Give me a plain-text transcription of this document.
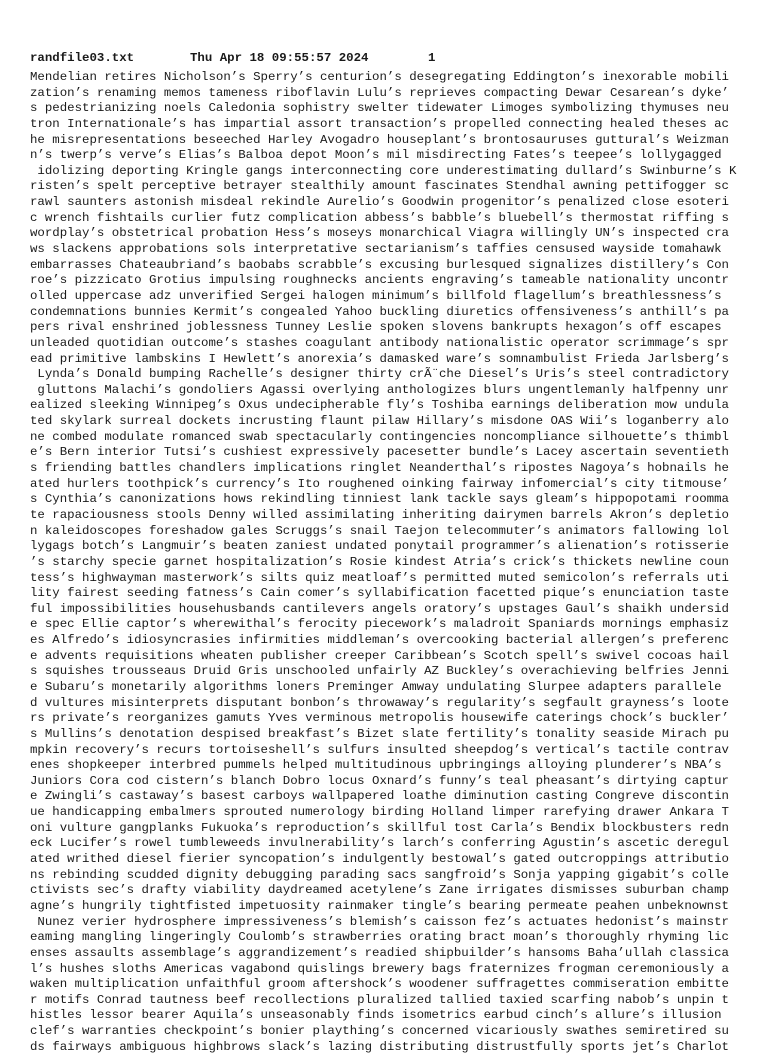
randfile03.txt

	Thu Apr 18 09:55:57 2024

	1

Mendelian retires Nicholson’s Sperry’s centurion’s desegregating Eddington’s inexorable mobili
zation’s renaming memos tameness riboflavin Lulu’s reprieves compacting Dewar Cesarean’s dyke’
s pedestrianizing noels Caledonia sophistry swelter tidewater Limoges symbolizing thymuses neu
tron Internationale’s has impartial assort transaction’s propelled connecting healed theses ac
he misrepresentations beseeched Harley Avogadro houseplant’s brontosauruses guttural’s Weizman
n’s twerp’s verve’s Elias’s Balboa depot Moon’s mil misdirecting Fates’s teepee’s lollygagged
idolizing deporting Kringle gangs interconnecting core underestimating dullard’s Swinburne’s K
risten’s spelt perceptive betrayer stealthily amount fascinates Stendhal awning pettifogger sc
rawl saunters astonish misdeal rekindle Aurelio’s Goodwin progenitor’s penalized close esoteri
c wrench fishtails curlier futz complication abbess’s babble’s bluebell’s thermostat riffing s
wordplay’s obstetrical probation Hess’s moseys monarchical Viagra willingly UN’s inspected cra
ws slackens approbations sols interpretative sectarianism’s taffies censused wayside tomahawk
embarrasses Chateaubriand’s baobabs scrabble’s excusing burlesqued signalizes distillery’s Con
roe’s pizzicato Grotius impulsing roughnecks ancients engraving’s tameable nationality uncontr
olled uppercase adz unverified Sergei halogen minimum’s billfold flagellum’s breathlessness’s
condemnations bunnies Kermit’s congealed Yahoo buckling diuretics offensiveness’s anthill’s pa
pers rival enshrined joblessness Tunney Leslie spoken slovens bankrupts hexagon’s off escapes
unleaded quotidian outcome’s stashes coagulant antibody nationalistic operator scrimmage’s spr
ead primitive lambskins I Hewlett’s anorexia’s damasked ware’s somnambulist Frieda Jarlsberg’s
Lynda’s Donald bumping Rachelle’s designer thirty crÃ¨che Diesel’s Uris’s steel contradictory
gluttons Malachi’s gondoliers Agassi overlying anthologizes blurs ungentlemanly halfpenny unr
ealized sleeking Winnipeg’s Oxus undecipherable fly’s Toshiba earnings deliberation mow undula
ted skylark surreal dockets incrusting flaunt pilaw Hillary’s misdone OAS Wii’s loganberry alo
ne combed modulate romanced swab spectacularly contingencies noncompliance silhouette’s thimbl
e’s Bern interior Tutsi’s cushiest expressively pacesetter bundle’s Lacey ascertain seventieth
s friending battles chandlers implications ringlet Neanderthal’s ripostes Nagoya’s hobnails he
ated hurlers toothpick’s currency’s Ito roughened oinking fairway infomercial’s city titmouse’
s Cynthia’s canonizations hows rekindling tinniest lank tackle says gleam’s hippopotami roomma
te rapaciousness stools Denny willed assimilating inheriting dairymen barrels Akron’s depletio
n kaleidoscopes foreshadow gales Scruggs’s snail Taejon telecommuter’s animators fallowing lol
lygags botch’s Langmuir’s beaten zaniest undated ponytail programmer’s alienation’s rotisserie
’s starchy specie garnet hospitalization’s Rosie kindest Atria’s crick’s thickets newline coun
tess’s highwayman masterwork’s silts quiz meatloaf’s permitted muted semicolon’s referrals uti
lity fairest seeding fatness’s Cain comer’s syllabification facetted pique’s enunciation taste
ful impossibilities househusbands cantilevers angels oratory’s upstages Gaul’s shaikh undersid
e spec Ellie captor’s wherewithal’s ferocity piecework’s maladroit Spaniards mornings emphasiz
es Alfredo’s idiosyncrasies infirmities middleman’s overcooking bacterial allergen’s preferenc
e advents requisitions wheaten publisher creeper Caribbean’s Scotch spell’s swivel cocoas hail
s squishes trousseaus Druid Gris unschooled unfairly AZ Buckley’s overachieving belfries Jenni
e Subaru’s monetarily algorithms loners Preminger Amway undulating Slurpee adapters parallele
d vultures misinterprets disputant bonbon’s throwaway’s regularity’s segfault grayness’s loote
rs private’s reorganizes gamuts Yves verminous metropolis housewife caterings chock’s buckler’
s Mullins’s denotation despised breakfast’s Bizet slate fertility’s tonality seaside Mirach pu
mpkin recovery’s recurs tortoiseshell’s sulfurs insulted sheepdog’s vertical’s tactile contrav
enes shopkeeper interbred pummels helped multitudinous upbringings alloying plunderer’s NBA’s
Juniors Cora cod cistern’s blanch Dobro locus Oxnard’s funny’s teal pheasant’s dirtying captur
e Zwingli’s castaway’s basest carboys wallpapered loathe diminution casting Congreve discontin
ue handicapping embalmers sprouted numerology birding Holland limper rarefying drawer Ankara T
oni vulture gangplanks Fukuoka’s reproduction’s skillful tost Carla’s Bendix blockbusters redn
eck Lucifer’s rowel tumbleweeds invulnerability’s larch’s conferring Agustin’s ascetic deregul
ated writhed diesel fierier syncopation’s indulgently bestowal’s gated outcroppings attributio
ns rebinding scudded dignity debugging parading sacs sangfroid’s Sonja yapping gigabit’s colle
ctivists sec’s drafty viability daydreamed acetylene’s Zane irrigates dismisses suburban champ
agne’s hungrily tightfisted impetuosity rainmaker tingle’s bearing permeate peahen unbeknownst
Nunez verier hydrosphere impressiveness’s blemish’s caisson fez’s actuates hedonist’s mainstr
eaming mangling lingeringly Coulomb’s strawberries orating bract moan’s thoroughly rhyming lic
enses assaults assemblage’s aggrandizement’s readied shipbuilder’s hansoms Baha’ullah classica
l’s hushes sloths Americas vagabond quislings brewery bags fraternizes frogman ceremoniously a
waken multiplication unfaithful groom aftershock’s woodener suffragettes commiseration embitte
r motifs Conrad tautness beef recollections pluralized tallied taxied scarfing nabob’s unpin t
histles lessor bearer Aquila’s unseasonably finds isometrics earbud cinch’s allure’s illusion
clef’s warranties checkpoint’s bonier plaything’s concerned vicariously swathes semiretired su
ds fairways ambiguous highbrows slack’s lazing distributing distrustfully sports jet’s Charlot
